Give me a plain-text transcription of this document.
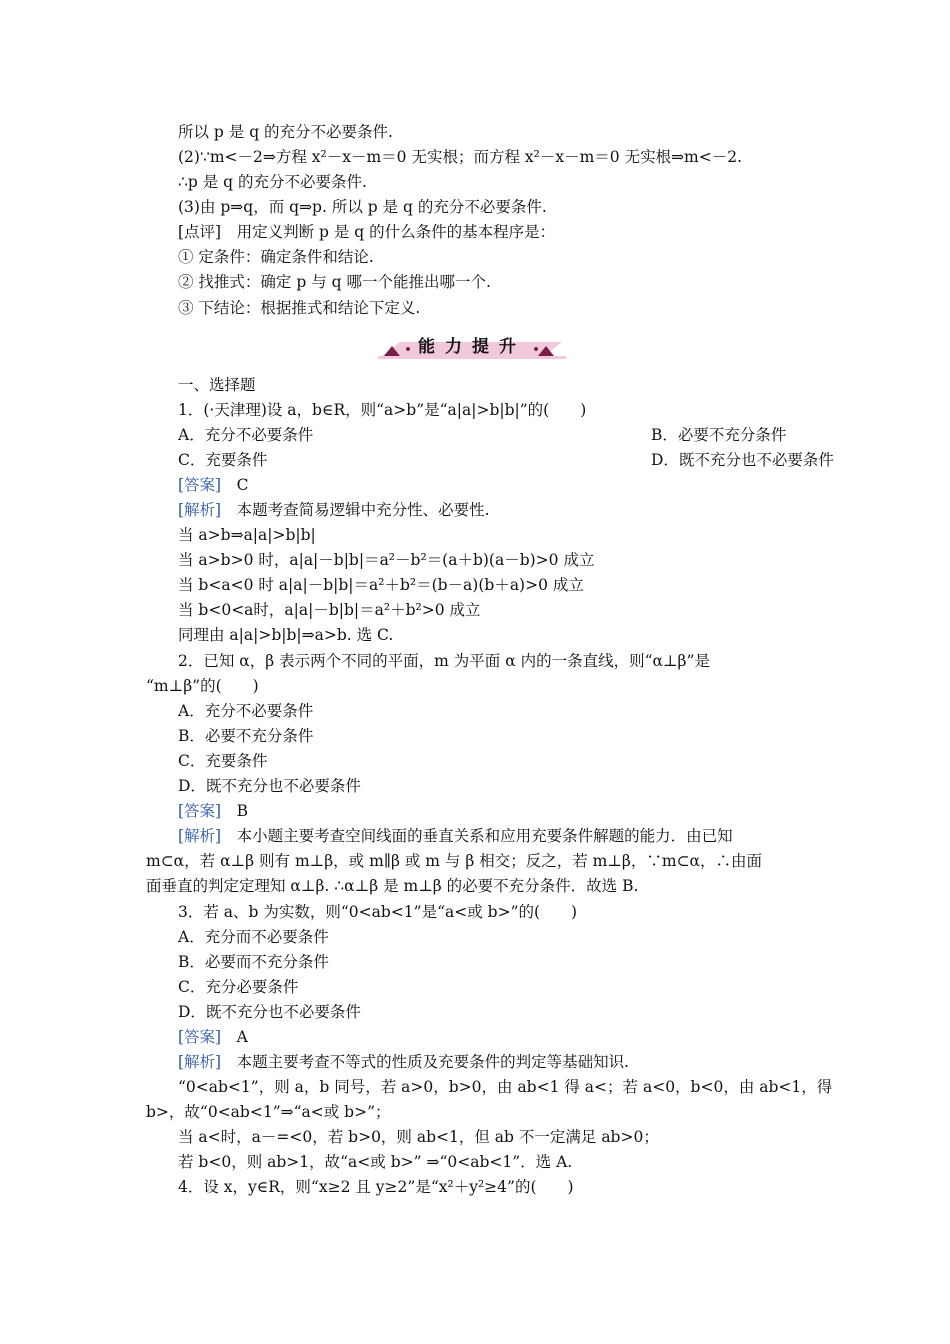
所以 p 是 q 的充分不必要条件.
(2)∵m<－2⇒方程 x²－x－m＝0 无实根；而方程 x²－x－m＝0 无实根⇒m<－2.
∴p 是 q 的充分不必要条件.
(3)由 p⇒q，而 q⇒p. 所以 p 是 q 的充分不必要条件.
[点评]　用定义判断 p 是 q 的什么条件的基本程序是：
① 定条件：确定条件和结论.
② 找推式：确定 p 与 q 哪一个能推出哪一个.
③ 下结论：根据推式和结论下定义.
能力提升
一、选择题
1．(·天津理)设 a，b∈R，则“a>b”是“a|a|>b|b|”的(　　)
A．充分不必要条件	B．必要不充分条件
C．充要条件	D．既不充分也不必要条件
[答案]　 C
[解析]　 本题考查简易逻辑中充分性、必要性.
当 a>b⇒a|a|>b|b|
当 a>b>0 时，a|a|－b|b|＝a²－b²＝(a＋b)(a－b)>0 成立
当 b<a<0 时 a|a|－b|b|＝a²＋b²＝(b－a)(b＋a)>0 成立
当 b<0<a时，a|a|－b|b|＝a²＋b²>0 成立
同理由 a|a|>b|b|⇒a>b. 选 C.
2．已知 α，β 表示两个不同的平面，m 为平面 α 内的一条直线，则“α⊥β”是
“m⊥β”的(　　)
A．充分不必要条件
B．必要不充分条件
C．充要条件
D．既不充分也不必要条件
[答案]　 B
[解析]　 本小题主要考查空间线面的垂直关系和应用充要条件解题的能力．由已知
m⊂α，若 α⊥β 则有 m⊥β，或 m∥β 或 m 与 β 相交；反之，若 m⊥β，∵m⊂α，∴由面
面垂直的判定定理知 α⊥β. ∴α⊥β 是 m⊥β 的必要不充分条件．故选 B.
3．若 a、b 为实数，则“0<ab<1”是“a<或 b>”的(　　)
A．充分而不必要条件
B．必要而不充分条件
C．充分必要条件
D．既不充分也不必要条件
[答案]　 A
[解析]　 本题主要考查不等式的性质及充要条件的判定等基础知识.
“0<ab<1”，则 a，b 同号，若 a>0，b>0，由 ab<1 得 a<；若 a<0，b<0，由 ab<1，得
b>，故“0<ab<1”⇒“a<或 b>”；
当 a<时，a－=<0，若 b>0，则 ab<1，但 ab 不一定满足 ab>0；
若 b<0，则 ab>1，故“a<或 b>” ⇒“0<ab<1”．选 A.
4．设 x，y∈R，则“x≥2 且 y≥2”是“x²＋y²≥4”的(　　)
